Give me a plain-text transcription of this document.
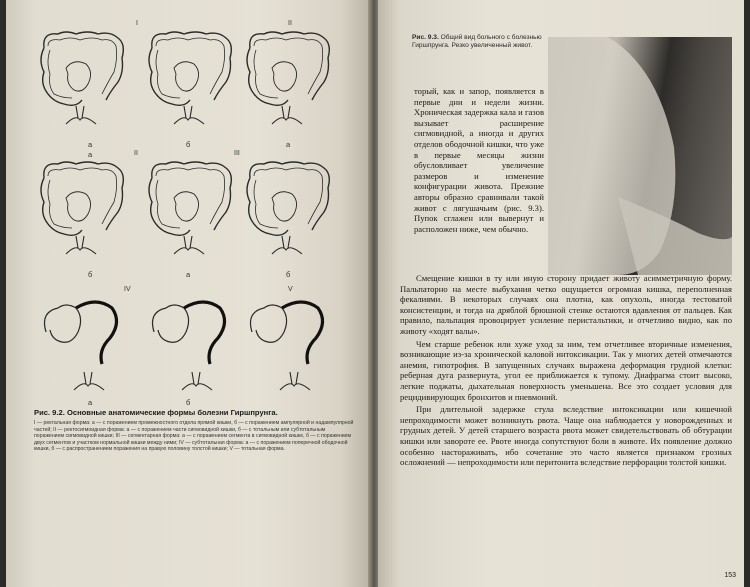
I	II
II	III
IV	V
а	б	а
а
б	а	б
а	б
Рис. 9.2. Основные анатомические формы болезни Гиршпрунга.
I — ректальная форма: а — с поражением промежностного отдела прямой кишки, б — с поражением ампулярной и надампулярной частей; II — ректосигмоидная форма: а — с поражением части сигмовидной кишки, б — с тотальным или субтотальным поражением сигмовидной кишки; III — сегментарная форма: а — с поражением сегмента в сигмовидной кишке, б — с поражением двух сегментов и участком нормальной кишки между ними; IV — субтотальная форма: а — с поражением поперечной ободочной кишки, б — с распространением поражения на правую половину толстой кишки; V — тотальная форма.
Рис. 9.3. Общий вид больного с болезнью Гиршпрунга. Резко увеличенный живот.
торый, как и запор, появляется в первые дни и недели жизни. Хроническая задержка кала и газов вызывает расширение сигмовидной, а иногда и других отделов ободочной кишки, что уже в первые месяцы жизни обусловливает увеличение размеров и изменение конфигурации живота. Прежние авторы образно сравнивали такой живот с лягушачьим (рис. 9.3). Пупок сглажен или вывернут и расположен ниже, чем обычно.

Смещение кишки в ту или иную сторону придает животу асимметричную форму. Пальпаторно на месте выбухания четко ощущается огромная кишка, переполненная фекалиями. В некоторых случаях она плотна, как опухоль, иногда тестоватой консистенции, и тогда на дряблой брюшной стенке остаются вдавления от пальцев. Как правило, пальпация провоцирует усиление перистальтики, и отчетливо видно, как по животу «ходят валы».

Чем старше ребенок или хуже уход за ним, тем отчетливее вторичные изменения, возникающие из-за хронической каловой интоксикации. Так у многих детей отмечаются анемия, гипотрофия. В запущенных случаях выражена деформация грудной клетки: реберная дуга развернута, угол ее приближается к тупому. Диафрагма стоит высоко, легкие поджаты, дыхательная поверхность уменьшена. Все это создает условия для рецидивирующих бронхитов и пневмоний.

При длительной задержке стула вследствие интоксикации или кишечной непроходимости может возникнуть рвота. Чаще она наблюдается у новорожденных и грудных детей. У детей старшего возраста рвота может свидетельствовать об обтурации кишки или завороте ее. Рвоте иногда сопутствуют боли в животе. Их появление должно особенно настораживать, ибо сочетание это часто является признаком грозных осложнений — непроходимости или перитонита вследствие перфорации толстой кишки.

153
